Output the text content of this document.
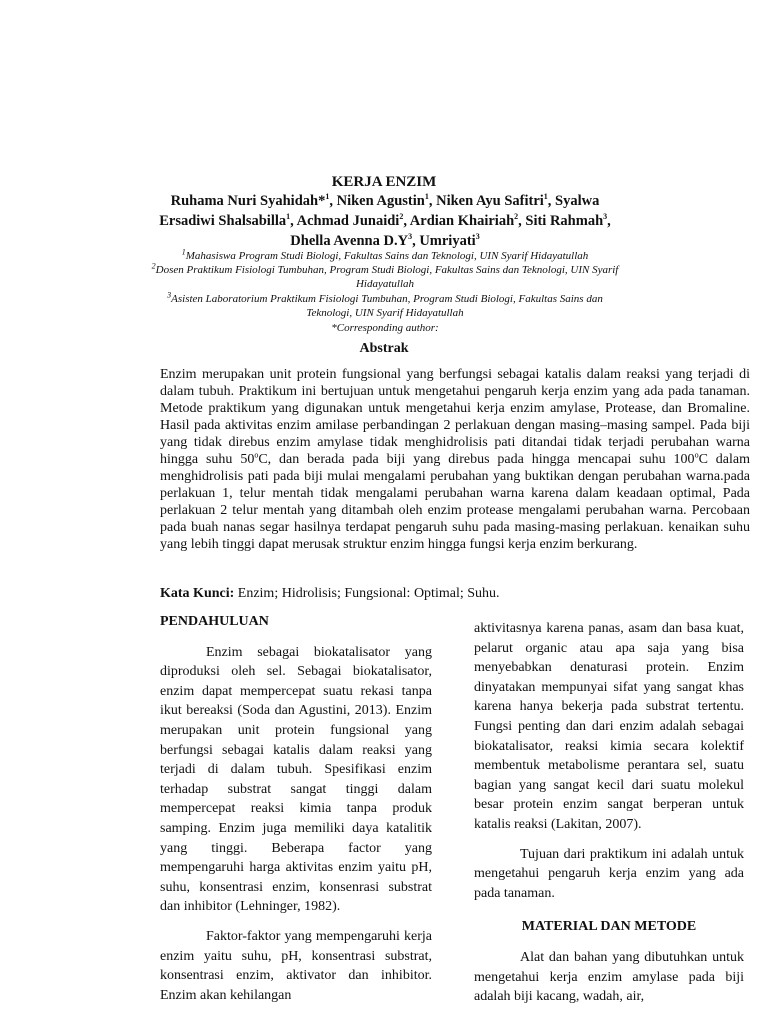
KERJA ENZIM
Ruhama Nuri Syahidah*$^1$, Niken Agustin$^1$, Niken Ayu Safitri$^1$, Syalwa Ersadiwi Shalsabilla$^1$, Achmad Junaidi$^2$, Ardian Khairiah$^2$, Siti Rahmah$^3$, Dhella Avenna $D.Y^3$, Umriyati$^3$
$^1$Mahasiswa Program Studi Biologi, Fakultas Sains dan Teknologi, UIN Syarif Hidayatullah
$^2$Dosen Praktikum Fisiologi Tumbuhan, Program Studi Biologi, Fakultas Sains dan Teknologi, UIN Syarif Hidayatullah
$^3$Asisten Laboratorium Praktikum Fisiologi Tumbuhan, Program Studi Biologi, Fakultas Sains dan Teknologi, UIN Syarif Hidayatullah
*Corresponding author:
Abstrak
Enzim merupakan unit protein fungsional yang berfungsi sebagai katalis dalam reaksi yang terjadi di dalam tubuh. Praktikum ini bertujuan untuk mengetahui pengaruh kerja enzim yang ada pada tanaman. Metode praktikum yang digunakan untuk mengetahui kerja enzim amylase, Protease, dan Bromaline. Hasil pada aktivitas enzim amilase perbandingan 2 perlakuan dengan masing–masing sampel. Pada biji yang tidak direbus enzim amylase tidak menghidrolisis pati ditandai tidak terjadi perubahan warna hingga suhu 50$^o$C, dan berada pada biji yang direbus pada hingga mencapai suhu 100$^o$C dalam menghidrolisis pati pada biji mulai mengalami perubahan yang buktikan dengan perubahan warna.pada perlakuan 1, telur mentah tidak mengalami perubahan warna karena dalam keadaan optimal, Pada perlakuan 2 telur mentah yang ditambah oleh enzim protease mengalami perubahan warna. Percobaan pada buah nanas segar hasilnya terdapat pengaruh suhu pada masing-masing perlakuan. kenaikan suhu yang lebih tinggi dapat merusak struktur enzim hingga fungsi kerja enzim berkurang.
Kata Kunci: Enzim; Hidrolisis; Fungsional: Optimal; Suhu.
PENDAHULUAN

Enzim sebagai biokatalisator yang diproduksi oleh sel. Sebagai biokatalisator, enzim dapat mempercepat suatu rekasi tanpa ikut bereaksi (Soda dan Agustini, 2013). Enzim merupakan unit protein fungsional yang berfungsi sebagai katalis dalam reaksi yang terjadi di dalam tubuh. Spesifikasi enzim terhadap substrat sangat tinggi dalam mempercepat reaksi kimia tanpa produk samping. Enzim juga memiliki daya katalitik yang tinggi. Beberapa factor yang mempengaruhi harga aktivitas enzim yaitu pH, suhu, konsentrasi enzim, konsenrasi substrat dan inhibitor (Lehninger, 1982).

Faktor-faktor yang mempengaruhi kerja enzim yaitu suhu, pH, konsentrasi substrat, konsentrasi enzim, aktivator dan inhibitor. Enzim akan kehilangan

aktivitasnya karena panas, asam dan basa kuat, pelarut organic atau apa saja yang bisa menyebabkan denaturasi protein. Enzim dinyatakan mempunyai sifat yang sangat khas karena hanya bekerja pada substrat tertentu. Fungsi penting dan dari enzim adalah sebagai biokatalisator, reaksi kimia secara kolektif membentuk metabolisme perantara sel, suatu bagian yang sangat kecil dari suatu molekul besar protein enzim sangat berperan untuk katalis reaksi (Lakitan, 2007).

Tujuan dari praktikum ini adalah untuk mengetahui pengaruh kerja enzim yang ada pada tanaman.

MATERIAL DAN METODE

Alat dan bahan yang dibutuhkan untuk mengetahui kerja enzim amylase pada biji adalah biji kacang, wadah, air,
